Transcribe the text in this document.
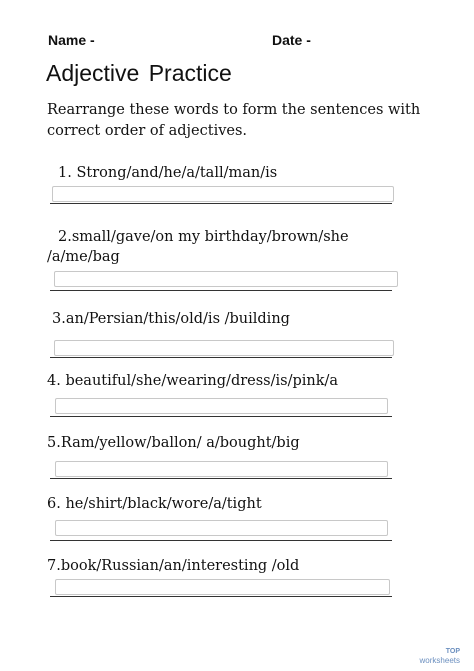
Name -	Date -
Adjective Practice
Rearrange these words to form the sentences with correct order of adjectives.
1. Strong/and/he/a/tall/man/is
2.small/gave/on my birthday/brown/she
/a/me/bag
3.an/Persian/this/old/is /building
4. beautiful/she/wearing/dress/is/pink/a
5.Ram/yellow/ballon/ a/bought/big
6. he/shirt/black/wore/a/tight
7.book/Russian/an/interesting /old
TOP
worksheets
